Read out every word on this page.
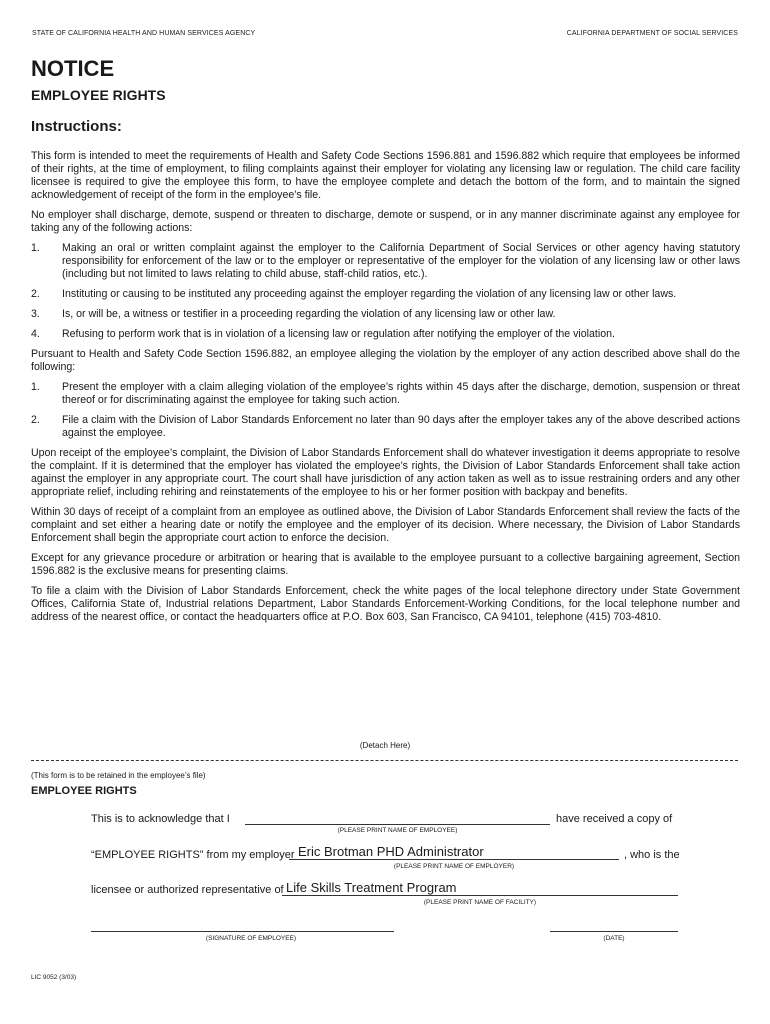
STATE OF CALIFORNIA HEALTH AND HUMAN SERVICES AGENCY	CALIFORNIA DEPARTMENT OF SOCIAL SERVICES
NOTICE
EMPLOYEE RIGHTS
Instructions:

This form is intended to meet the requirements of Health and Safety Code Sections 1596.881 and 1596.882 which require that employees be informed of their rights, at the time of employment, to filing complaints against their employer for violating any licensing law or regulation. The child care facility licensee is required to give the employee this form, to have the employee complete and detach the bottom of the form, and to maintain the signed acknowledgement of receipt of the form in the employee’s file.

No employer shall discharge, demote, suspend or threaten to discharge, demote or suspend, or in any manner discriminate against any employee for taking any of the following actions:

1.	Making an oral or written complaint against the employer to the California Department of Social Services or other agency having statutory responsibility for enforcement of the law or to the employer or representative of the employer for the violation of any licensing law or other laws (including but not limited to laws relating to child abuse, staff-child ratios, etc.).
2.	Instituting or causing to be instituted any proceeding against the employer regarding the violation of any licensing law or other laws.
3.	Is, or will be, a witness or testifier in a proceeding regarding the violation of any licensing law or other law.
4.	Refusing to perform work that is in violation of a licensing law or regulation after notifying the employer of the violation.

Pursuant to Health and Safety Code Section 1596.882, an employee alleging the violation by the employer of any action described above shall do the following:

1.	Present the employer with a claim alleging violation of the employee’s rights within 45 days after the discharge, demotion, suspension or threat thereof or for discriminating against the employee for taking such action.
2.	File a claim with the Division of Labor Standards Enforcement no later than 90 days after the employer takes any of the above described actions against the employee.

Upon receipt of the employee’s complaint, the Division of Labor Standards Enforcement shall do whatever investigation it deems appropriate to resolve the complaint. If it is determined that the employer has violated the employee’s rights, the Division of Labor Standards Enforcement shall take action against the employer in any appropriate court. The court shall have jurisdiction of any action taken as well as to issue restraining orders and any other appropriate relief, including rehiring and reinstatements of the employee to his or her former position with backpay and benefits.

Within 30 days of receipt of a complaint from an employee as outlined above, the Division of Labor Standards Enforcement shall review the facts of the complaint and set either a hearing date or notify the employee and the employer of its decision. Where necessary, the Division of Labor Standards Enforcement shall begin the appropriate court action to enforce the decision.

Except for any grievance procedure or arbitration or hearing that is available to the employee pursuant to a collective bargaining agreement, Section 1596.882 is the exclusive means for presenting claims.

To file a claim with the Division of Labor Standards Enforcement, check the white pages of the local telephone directory under State Government Offices, California State of, Industrial relations Department, Labor Standards Enforcement-Working Conditions, for the local telephone number and address of the nearest office, or contact the headquarters office at P.O. Box 603, San Francisco, CA 94101, telephone (415) 703-4810.

(Detach Here)
(This form is to be retained in the employee’s file)
EMPLOYEE RIGHTS
This is to acknowledge that I	have received a copy of
(PLEASE PRINT NAME OF EMPLOYEE)
“EMPLOYEE RIGHTS” from my employer Eric Brotman PHD Administrator	, who is the
(PLEASE PRINT NAME OF EMPLOYER)
licensee or authorized representative of Life Skills Treatment Program
(PLEASE PRINT NAME OF FACILITY)
(SIGNATURE OF EMPLOYEE)	(DATE)
LIC 9052 (3/03)
